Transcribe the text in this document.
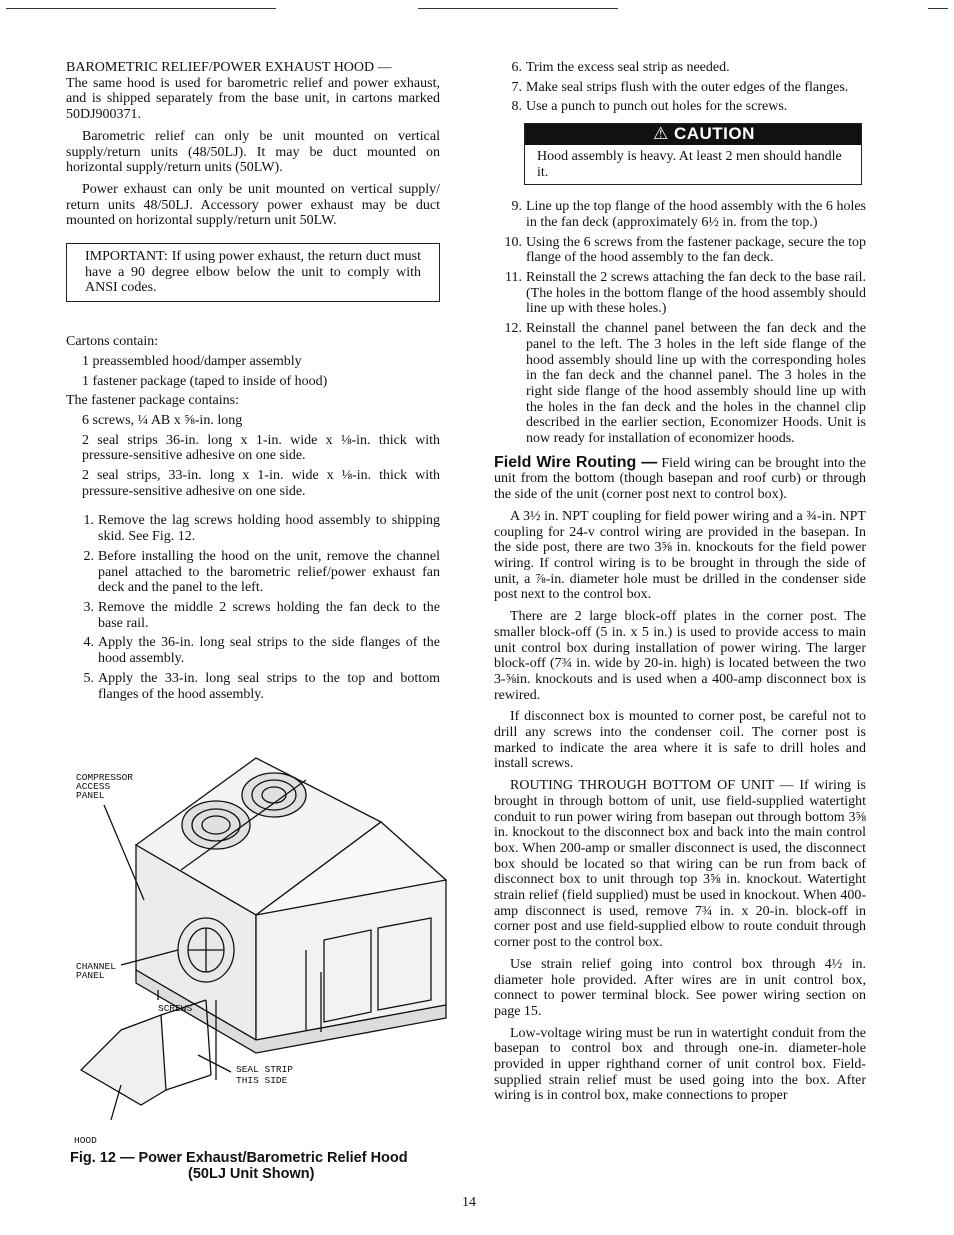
BAROMETRIC RELIEF/POWER EXHAUST HOOD —
The same hood is used for barometric relief and power exhaust, and is shipped separately from the base unit, in cartons marked 50DJ900371.

Barometric relief can only be unit mounted on vertical supply/return units (48/50LJ). It may be duct mounted on horizontal supply/return units (50LW).

Power exhaust can only be unit mounted on vertical supply/ return units 48/50LJ. Accessory power exhaust may be duct mounted on horizontal supply/return unit 50LW.

IMPORTANT: If using power exhaust, the return duct must have a 90 degree elbow below the unit to comply with ANSI codes.

Cartons contain:

1 preassembled hood/damper assembly
1 fastener package (taped to inside of hood)

The fastener package contains:

6 screws, ¼ AB x ⅝-in. long
2 seal strips 36-in. long x 1-in. wide x ⅛-in. thick with pressure-sensitive adhesive on one side.
2 seal strips, 33-in. long x 1-in. wide x ⅛-in. thick with pressure-sensitive adhesive on one side.
1 . Remove the lag screws holding hood assembly to shipping skid. See Fig. 12.
2 . Before installing the hood on the unit, remove the channel panel attached to the barometric relief/power exhaust fan deck and the panel to the left.
3 . Remove the middle 2 screws holding the fan deck to the base rail.
4 . Apply the 36-in. long seal strips to the side flanges of the hood assembly.
5 . Apply the 33-in. long seal strips to the top and bottom flanges of the hood assembly.
COMPRESSOR
ACCESS
PANEL
CHANNEL
PANEL
SCREWS
SEAL STRIP
THIS SIDE
HOOD
Fig. 12 — Power Exhaust/Barometric Relief Hood
(50LJ Unit Shown)
6 . Trim the excess seal strip as needed.
7 . Make seal strips flush with the outer edges of the flanges.
8 . Use a punch to punch out holes for the screws.
⚠ CAUTION
Hood assembly is heavy. At least 2 men should handle it.
9 . Line up the top flange of the hood assembly with the 6 holes in the fan deck (approximately 6½ in. from the top.)
10 . Using the 6 screws from the fastener package, secure the top flange of the hood assembly to the fan deck.
11 . Reinstall the 2 screws attaching the fan deck to the base rail. (The holes in the bottom flange of the hood assembly should line up with these holes.)
12 . Reinstall the channel panel between the fan deck and the panel to the left. The 3 holes in the left side flange of the hood assembly should line up with the corresponding holes in the fan deck and the channel panel. The 3 holes in the right side flange of the hood assembly should line up with the holes in the fan deck and the holes in the channel clip described in the earlier section, Economizer Hoods. Unit is now ready for installation of economizer hoods.

Field Wire Routing — Field wiring can be brought into the unit from the bottom (though basepan and roof curb) or through the side of the unit (corner post next to control box).

A 3½ in. NPT coupling for field power wiring and a ¾-in. NPT coupling for 24-v control wiring are provided in the basepan. In the side post, there are two 3⅝ in. knockouts for the field power wiring. If control wiring is to be brought in through the side of unit, a ⅞-in. diameter hole must be drilled in the condenser side post next to the control box.

There are 2 large block-off plates in the corner post. The smaller block-off (5 in. x 5 in.) is used to provide access to main unit control box during installation of power wiring. The larger block-off (7¾ in. wide by 20-in. high) is located between the two 3-⅝in. knockouts and is used when a 400-amp disconnect box is rewired.

If disconnect box is mounted to corner post, be careful not to drill any screws into the condenser coil. The corner post is marked to indicate the area where it is safe to drill holes and install screws.

ROUTING THROUGH BOTTOM OF UNIT — If wiring is brought in through bottom of unit, use field-supplied watertight conduit to run power wiring from basepan out through bottom 3⅝ in. knockout to the disconnect box and back into the main control box. When 200-amp or smaller disconnect is used, the disconnect box should be located so that wiring can be run from back of disconnect box to unit through top 3⅝ in. knockout. Watertight strain relief (field supplied) must be used in knockout. When 400-amp disconnect is used, remove 7¾ in. x 20-in. block-off in corner post and use field-supplied elbow to route conduit through corner post to the control box.

Use strain relief going into control box through 4½ in. diameter hole provided. After wires are in unit control box, connect to power terminal block. See power wiring section on page 15.

Low-voltage wiring must be run in watertight conduit from the basepan to control box and through one-in. diameter-hole provided in upper righthand corner of unit control box. Field-supplied strain relief must be used going into the box. After wiring is in control box, make connections to proper

14
